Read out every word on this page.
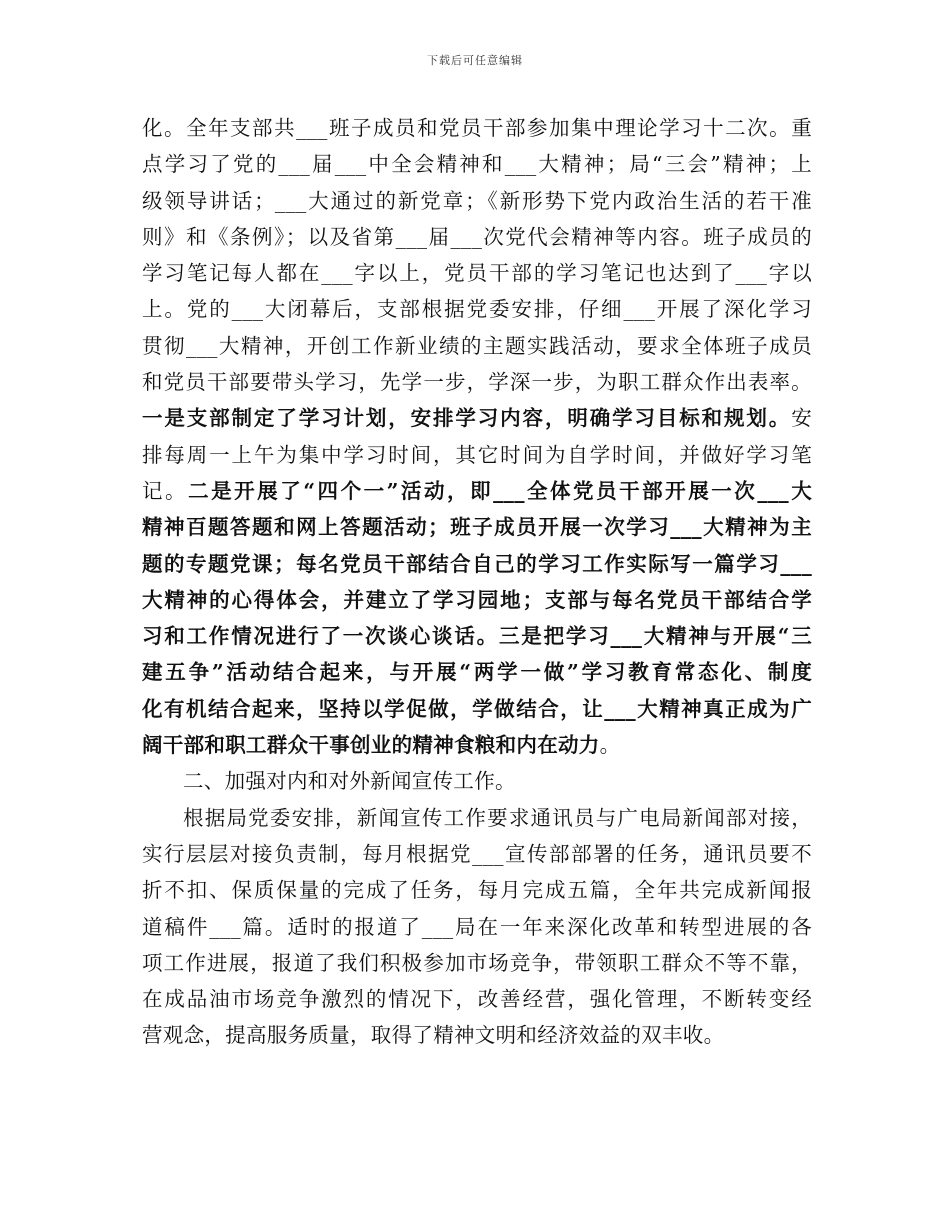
下载后可任意编辑
化。全年支部共___班子成员和党员干部参加集中理论学习十二次。重
点学习了党的___届___中全会精神和___大精神；局“三会”精神；上
级领导讲话；___大通过的新党章；《新形势下党内政治生活的若干准
则》和《条例》；以及省第___届___次党代会精神等内容。班子成员的
学习笔记每人都在___字以上，党员干部的学习笔记也达到了___字以
上。党的___大闭幕后，支部根据党委安排，仔细___开展了深化学习
贯彻___大精神，开创工作新业绩的主题实践活动，要求全体班子成员
和党员干部要带头学习，先学一步，学深一步，为职工群众作出表率。
一是支部制定了学习计划，安排学习内容，明确学习目标和规划。安
排每周一上午为集中学习时间，其它时间为自学时间，并做好学习笔
记。二是开展了“四个一”活动，即___全体党员干部开展一次___大
精神百题答题和网上答题活动；班子成员开展一次学习___大精神为主
题的专题党课；每名党员干部结合自己的学习工作实际写一篇学习___
大精神的心得体会，并建立了学习园地；支部与每名党员干部结合学
习和工作情况进行了一次谈心谈话。三是把学习___大精神与开展“三
建五争”活动结合起来，与开展“两学一做”学习教育常态化、制度
化有机结合起来，坚持以学促做，学做结合，让___大精神真正成为广
阔干部和职工群众干事创业的精神食粮和内在动力。
二、加强对内和对外新闻宣传工作。
根据局党委安排，新闻宣传工作要求通讯员与广电局新闻部对接，
实行层层对接负责制，每月根据党___宣传部部署的任务，通讯员要不
折不扣、保质保量的完成了任务，每月完成五篇，全年共完成新闻报
道稿件___篇。适时的报道了___局在一年来深化改革和转型进展的各
项工作进展，报道了我们积极参加市场竞争，带领职工群众不等不靠，
在成品油市场竞争激烈的情况下，改善经营，强化管理，不断转变经
营观念，提高服务质量，取得了精神文明和经济效益的双丰收。
